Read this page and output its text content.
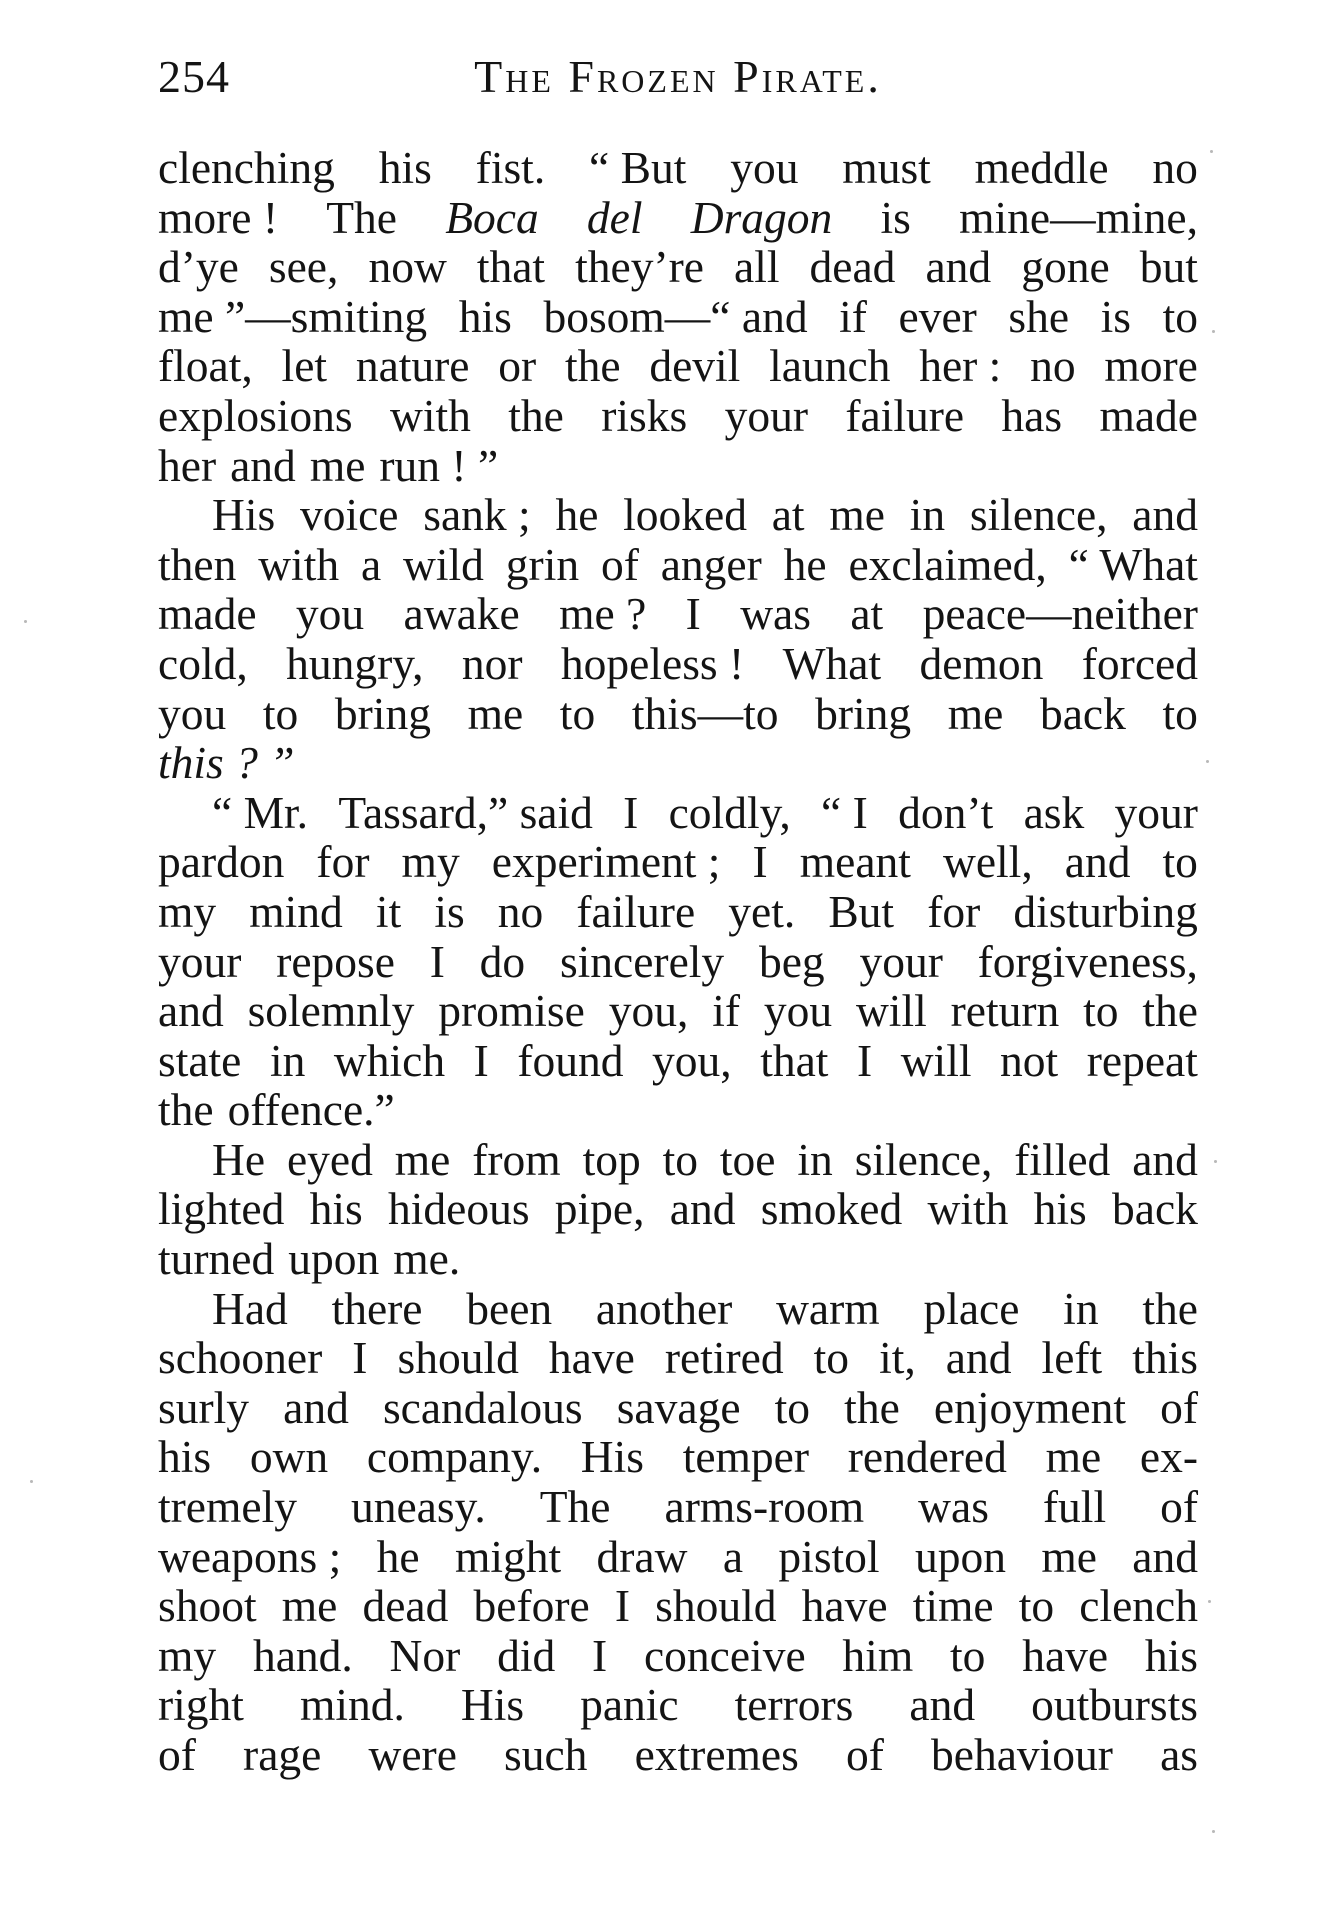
254	The Frozen Pirate.
clenching his fist. “ But you must meddle no
more ! The Boca del Dragon is mine—mine,
d’ye see, now that they’re all dead and gone but
me ”—smiting his bosom—“ and if ever she is to
float, let nature or the devil launch her : no more
explosions with the risks your failure has made
her and me run ! ”
His voice sank ; he looked at me in silence, and
then with a wild grin of anger he exclaimed, “ What
made you awake me ? I was at peace—neither
cold, hungry, nor hopeless ! What demon forced
you to bring me to this—to bring me back to
this ? ”
“ Mr. Tassard,” said I coldly, “ I don’t ask your
pardon for my experiment ; I meant well, and to
my mind it is no failure yet. But for disturbing
your repose I do sincerely beg your forgiveness,
and solemnly promise you, if you will return to the
state in which I found you, that I will not repeat
the offence.”
He eyed me from top to toe in silence, filled and
lighted his hideous pipe, and smoked with his back
turned upon me.
Had there been another warm place in the
schooner I should have retired to it, and left this
surly and scandalous savage to the enjoyment of
his own company. His temper rendered me ex-
tremely uneasy. The arms-room was full of
weapons ; he might draw a pistol upon me and
shoot me dead before I should have time to clench
my hand. Nor did I conceive him to have his
right mind. His panic terrors and outbursts
of rage were such extremes of behaviour as
